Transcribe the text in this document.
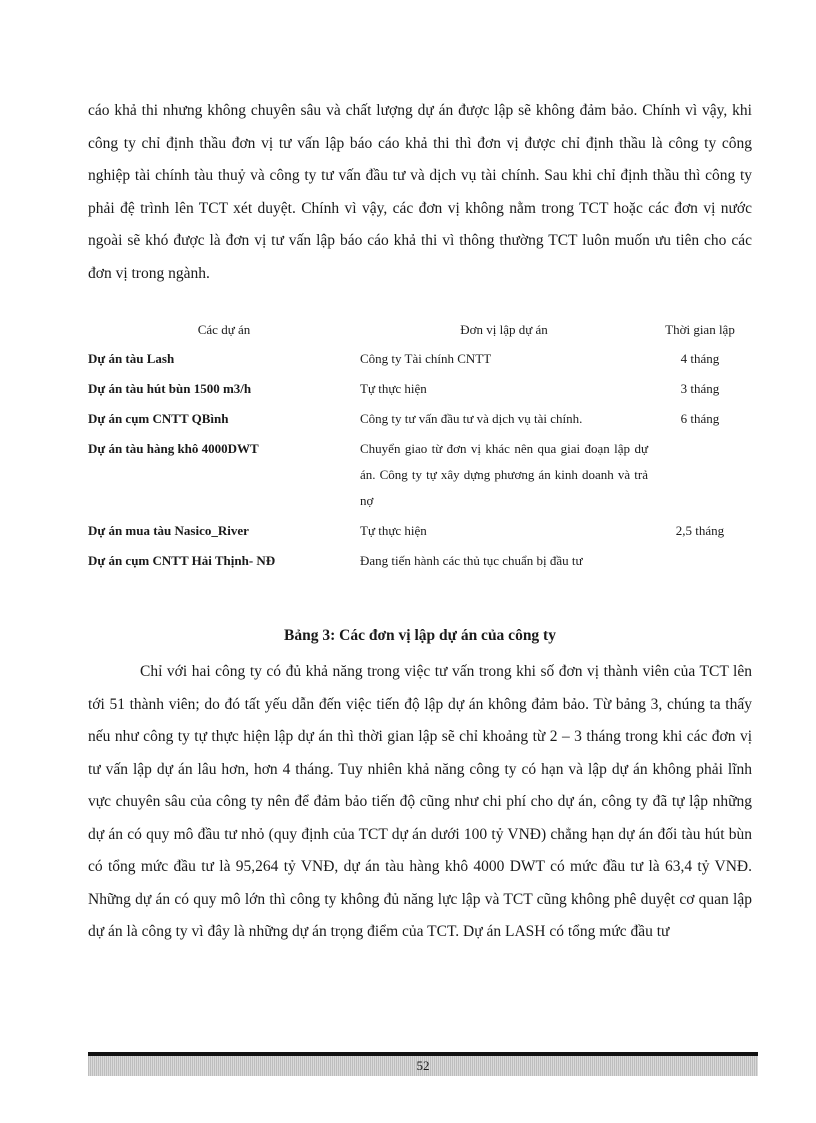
cáo khả thi nhưng không chuyên sâu và chất lượng dự án được lập sẽ không đảm bảo. Chính vì vậy, khi công ty chỉ định thầu đơn vị tư vấn lập báo cáo khả thi thì đơn vị được chỉ định thầu là công ty công nghiệp tài chính tàu thuỷ và công ty tư vấn đầu tư và dịch vụ tài chính. Sau khi chỉ định thầu thì công ty phải đệ trình lên TCT xét duyệt. Chính vì vậy, các đơn vị không nằm trong TCT hoặc các đơn vị nước ngoài sẽ khó được là đơn vị tư vấn lập báo cáo khả thi vì thông thường TCT luôn muốn ưu tiên cho các đơn vị trong ngành.

Các dự án	Đơn vị lập dự án	Thời gian lập
Dự án tàu Lash	Công ty Tài chính CNTT	4 tháng
Dự án tàu hút bùn 1500 m3/h	Tự thực hiện	3 tháng
Dự án cụm CNTT QBình	Công ty tư vấn đầu tư và dịch vụ tài chính.	6 tháng
Dự án tàu hàng khô 4000DWT	Chuyển giao từ đơn vị khác nên qua giai đoạn lập dự án. Công ty tự xây dựng phương án kinh doanh và trả nợ	
Dự án mua tàu Nasico_River	Tự thực hiện	2,5 tháng
Dự án cụm CNTT Hải Thịnh- NĐ	Đang tiến hành các thủ tục chuẩn bị đầu tư	
Bảng 3: Các đơn vị lập dự án của công ty

Chỉ với hai công ty có đủ khả năng trong việc tư vấn trong khi số đơn vị thành viên của TCT lên tới 51 thành viên; do đó tất yếu dẫn đến việc tiến độ lập dự án không đảm bảo. Từ bảng 3, chúng ta thấy nếu như công ty tự thực hiện lập dự án thì thời gian lập sẽ chỉ khoảng từ 2 – 3 tháng trong khi các đơn vị tư vấn lập dự án lâu hơn, hơn 4 tháng. Tuy nhiên khả năng công ty có hạn và lập dự án không phải lĩnh vực chuyên sâu của công ty nên để đảm bảo tiến độ cũng như chi phí cho dự án, công ty đã tự lập những dự án có quy mô đầu tư nhỏ (quy định của TCT dự án dưới 100 tỷ VNĐ) chẳng hạn dự án đối tàu hút bùn có tổng mức đầu tư là 95,264 tỷ VNĐ, dự án tàu hàng khô 4000 DWT có mức đầu tư là 63,4 tỷ VNĐ. Những dự án có quy mô lớn thì công ty không đủ năng lực lập và TCT cũng không phê duyệt cơ quan lập dự án là công ty vì đây là những dự án trọng điểm của TCT. Dự án LASH có tổng mức đầu tư

52
